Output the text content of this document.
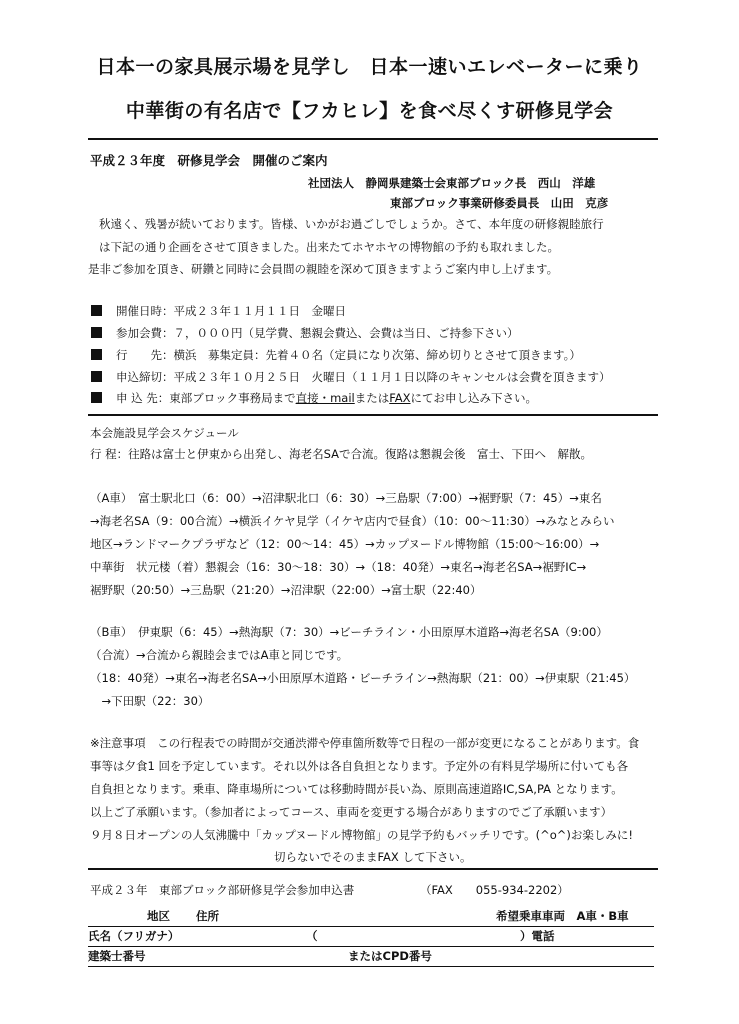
日本一の家具展示場を見学し　日本一速いエレベーターに乗り
中華街の有名店で【フカヒレ】を食べ尽くす研修見学会
平成２３年度　研修見学会　開催のご案内
社団法人　静岡県建築士会東部ブロック長　西山　洋雄
東部ブロック事業研修委員長　山田　克彦
秋遠く、残暑が続いております。皆様、いかがお過ごしでしょうか。さて、本年度の研修親睦旅行
は下記の通り企画をさせて頂きました。出来たてホヤホヤの博物館の予約も取れました。
是非ご参加を頂き、研鑽と同時に会員間の親睦を深めて頂きますようご案内申し上げます。
開催日時：平成２３年１１月１１日　金曜日
参加会費：７，０００円（見学費、懇親会費込、会費は当日、ご持参下さい）
行　　先：横浜　募集定員：先着４０名（定員になり次第、締め切りとさせて頂きます。）
申込締切：平成２３年１０月２５日　火曜日（１１月１日以降のキャンセルは会費を頂きます）
申 込 先：東部ブロック事務局まで直接・mailまたはFAXにてお申し込み下さい。
本会施設見学会スケジュール
行 程：往路は富士と伊東から出発し、海老名SAで合流。復路は懇親会後　富士、下田へ　解散。
（A車）　富士駅北口（6：00）→沼津駅北口（6：30）→三島駅（7:00）→裾野駅（7：45）→東名
→海老名SA（9：00合流）→横浜イケヤ見学（イケヤ店内で昼食）（10：00～11:30）→みなとみらい
地区→ランドマークプラザなど（12：00～14：45）→カップヌードル博物館（15:00～16:00）→
中華街　状元楼（着）懇親会（16：30～18：30）→（18：40発）→東名→海老名SA→裾野IC→
裾野駅（20:50）→三島駅（21:20）→沼津駅（22:00）→富士駅（22:40）
（B車）　伊東駅（6：45）→熱海駅（7：30）→ビーチライン・小田原厚木道路→海老名SA（9:00）
（合流）→合流から親睦会まではA車と同じです。
（18：40発）→東名→海老名SA→小田原厚木道路・ビーチライン→熱海駅（21：00）→伊東駅（21:45）
　→下田駅（22：30）
※注意事項　この行程表での時間が交通渋滞や停車箇所数等で日程の一部が変更になることがあります。食
事等は夕食1 回を予定しています。それ以外は各自負担となります。予定外の有料見学場所に付いても各
自負担となります。乗車、降車場所については移動時間が長い為、原則高速道路IC,SA,PA となります。
以上ご了承願います。（参加者によってコース、車両を変更する場合がありますのでご了承願います）
９月８日オープンの人気沸騰中「カップヌードル博物館」の見学予約もバッチリです。(^o^)お楽しみに!
切らないでそのままFAX して下さい。
平成２３年　東部ブロック部研修見学会参加申込書	（FAX　　055-934-2202）
地区 住所	希望乗車車両　A車・B車
氏名（フリガナ）	（	）電話
建築士番号	またはCPD番号
